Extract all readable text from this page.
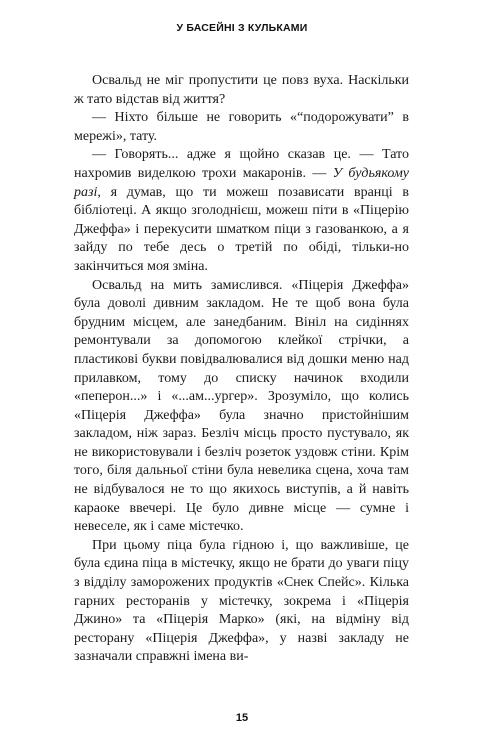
У БАСЕЙНІ З КУЛЬКАМИ

Освальд не міг пропустити це повз вуха. Наскільки ж тато відстав від життя?

— Ніхто більше не говорить «“подорожувати” в мережі», тату.

— Говорять... адже я щойно сказав це. — Тато нахромив виделкою трохи макаронів. — У будьякому разі, я думав, що ти можеш позависати вранці в бібліотеці. А якщо зголоднієш, можеш піти в «Піцерію Джеффа» і перекусити шматком піци з газованкою, а я зайду по тебе десь о третій по обіді, тільки-но закінчиться моя зміна.

Освальд на мить замислився. «Піцерія Джеффа» була доволі дивним закладом. Не те щоб вона була брудним місцем, але занедбаним. Вініл на сидіннях ремонтували за допомогою клейкої стрічки, а пластикові букви повідвалювалися від дошки меню над прилавком, тому до списку начинок входили «пеперон...» і «...ам...ургер». Зрозуміло, що колись «Піцерія Джеффа» була значно пристойнішим закладом, ніж зараз. Безліч місць просто пустувало, як не використовували і безліч розеток уздовж стіни. Крім того, біля дальньої стіни була невелика сцена, хоча там не відбувалося не то що якихось виступів, а й навіть караоке ввечері. Це було дивне місце — сумне і невеселе, як і саме містечко.

При цьому піца була гідною і, що важливіше, це була єдина піца в містечку, якщо не брати до уваги піцу з відділу заморожених продуктів «Снек Спейс». Кілька гарних ресторанів у містечку, зокрема і «Піцерія Джино» та «Піцерія Марко» (які, на відміну від ресторану «Піцерія Джеффа», у назві закладу не зазначали справжні імена ви-

15
